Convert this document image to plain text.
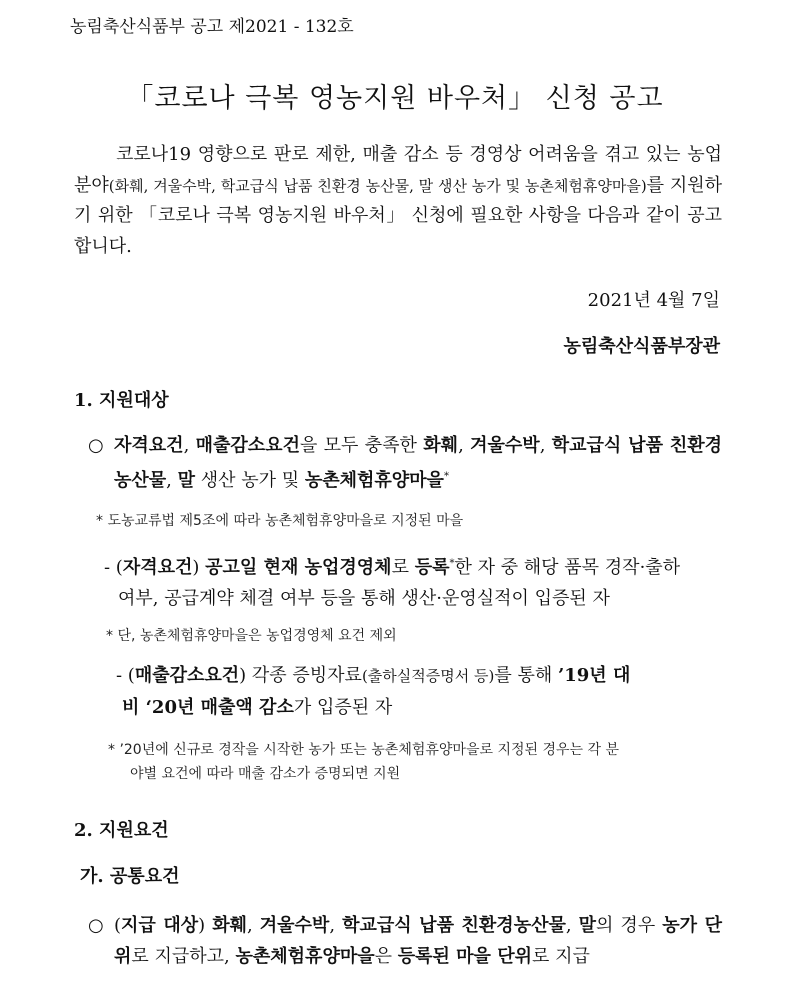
농림축산식품부 공고 제2021 - 132호
「코로나 극복 영농지원 바우처」 신청 공고
코로나19 영향으로 판로 제한, 매출 감소 등 경영상 어려움을 겪고 있는 농업 분야(화훼, 겨울수박, 학교급식 납품 친환경 농산물, 말 생산 농가 및 농촌체험휴양마을)를 지원하기 위한 「코로나 극복 영농지원 바우처」 신청에 필요한 사항을 다음과 같이 공고합니다.
2021년 4월 7일
농림축산식품부장관
1. 지원대상
○ 자격요건, 매출감소요건을 모두 충족한 화훼, 겨울수박, 학교급식 납품 친환경농산물, 말 생산 농가 및 농촌체험휴양마을*
* 도농교류법 제5조에 따라 농촌체험휴양마을로 지정된 마을
- (자격요건) 공고일 현재 농업경영체로 등록*한 자 중 해당 품목 경작·출하
여부, 공급계약 체결 여부 등을 통해 생산·운영실적이 입증된 자
* 단, 농촌체험휴양마을은 농업경영체 요건 제외
- (매출감소요건) 각종 증빙자료(출하실적증명서 등)를 통해 ’19년 대
비 ‘20년 매출액 감소가 입증된 자
* ’20년에 신규로 경작을 시작한 농가 또는 농촌체험휴양마을로 지정된 경우는 각 분
야별 요건에 따라 매출 감소가 증명되면 지원
2. 지원요건
가. 공통요건
○ (지급 대상) 화훼, 겨울수박, 학교급식 납품 친환경농산물, 말의 경우 농가 단위로 지급하고, 농촌체험휴양마을은 등록된 마을 단위로 지급
